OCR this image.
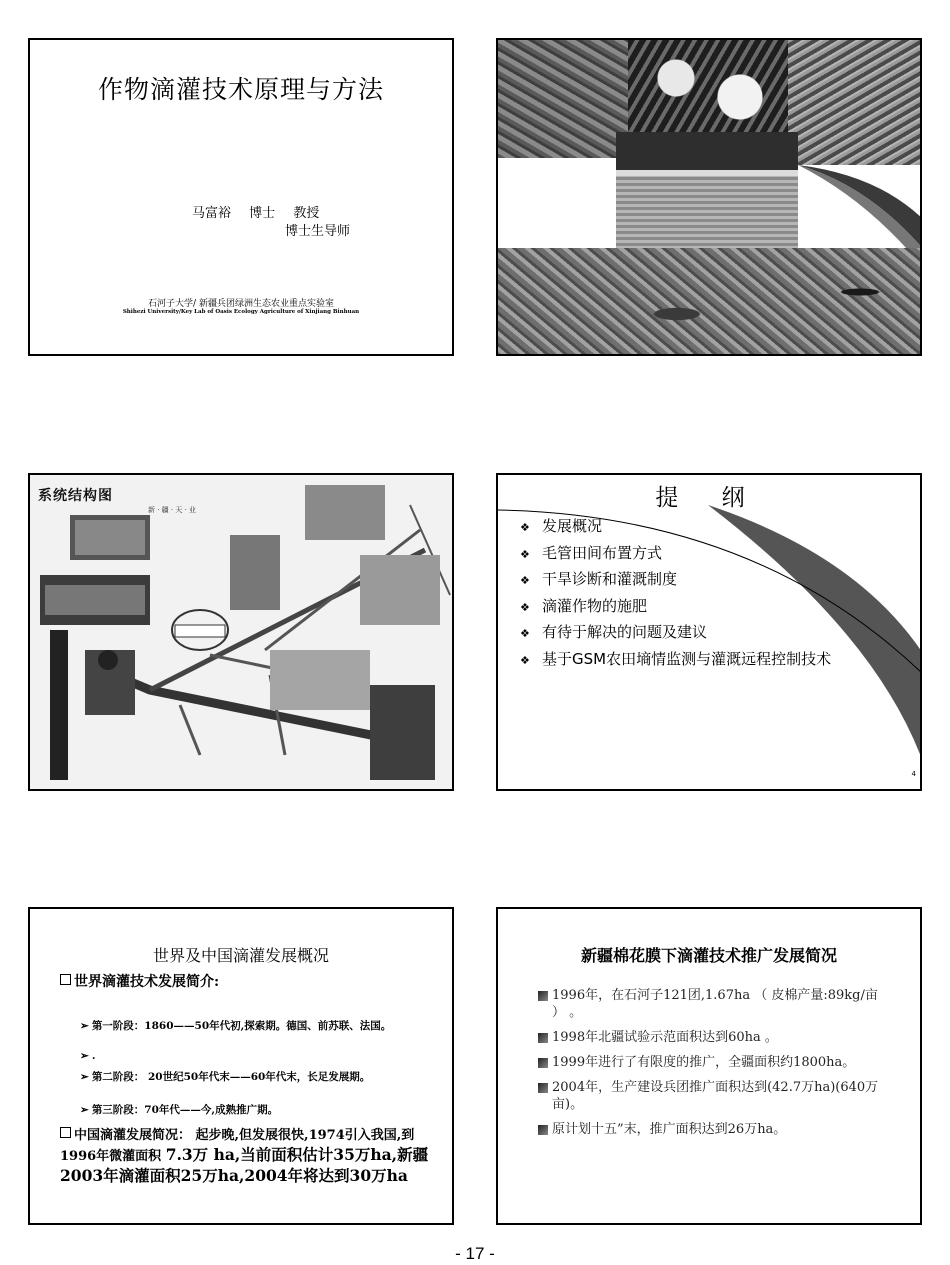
作物滴灌技术原理与方法
马富裕 博士 教授
博士生导师
石河子大学/ 新疆兵团绿洲生态农业重点实验室
Shihezi University/Key Lab of Oasis Ecology Agriculture of Xinjiang Binhuan
系统结构图
新 · 疆 · 天 · 业	提 纲
❖ 发展概况
❖ 毛管田间布置方式
❖ 干旱诊断和灌溉制度
❖ 滴灌作物的施肥
❖ 有待于解决的问题及建议
❖ 基于GSM农田墒情监测与灌溉远程控制技术
4
世界及中国滴灌发展概况
世界滴灌技术发展简介:
➢ 第一阶段：1860——50年代初,探索期。德国、前苏联、法国。
➢ .
➢ 第二阶段： 20世纪50年代末——60年代末，长足发展期。
➢ 第三阶段：70年代——今,成熟推广期。
中国滴灌发展简况： 起步晚,但发展很快,1974引入我国,到1996年微灌面积 7.3万 ha,当前面积估计35万ha,新疆2003年滴灌面积25万ha,2004年将达到30万ha
新疆棉花膜下滴灌技术推广发展简况
1996年，在石河子121团,1.67ha （ 皮棉产量:89kg/亩 ） 。
1998年北疆试验示范面积达到60ha 。
1999年进行了有限度的推广，全疆面积约1800ha。
2004年，生产建设兵团推广面积达到(42.7万ha)(640万亩)。
原计划十五”末，推广面积达到26万ha。
- 17 -
